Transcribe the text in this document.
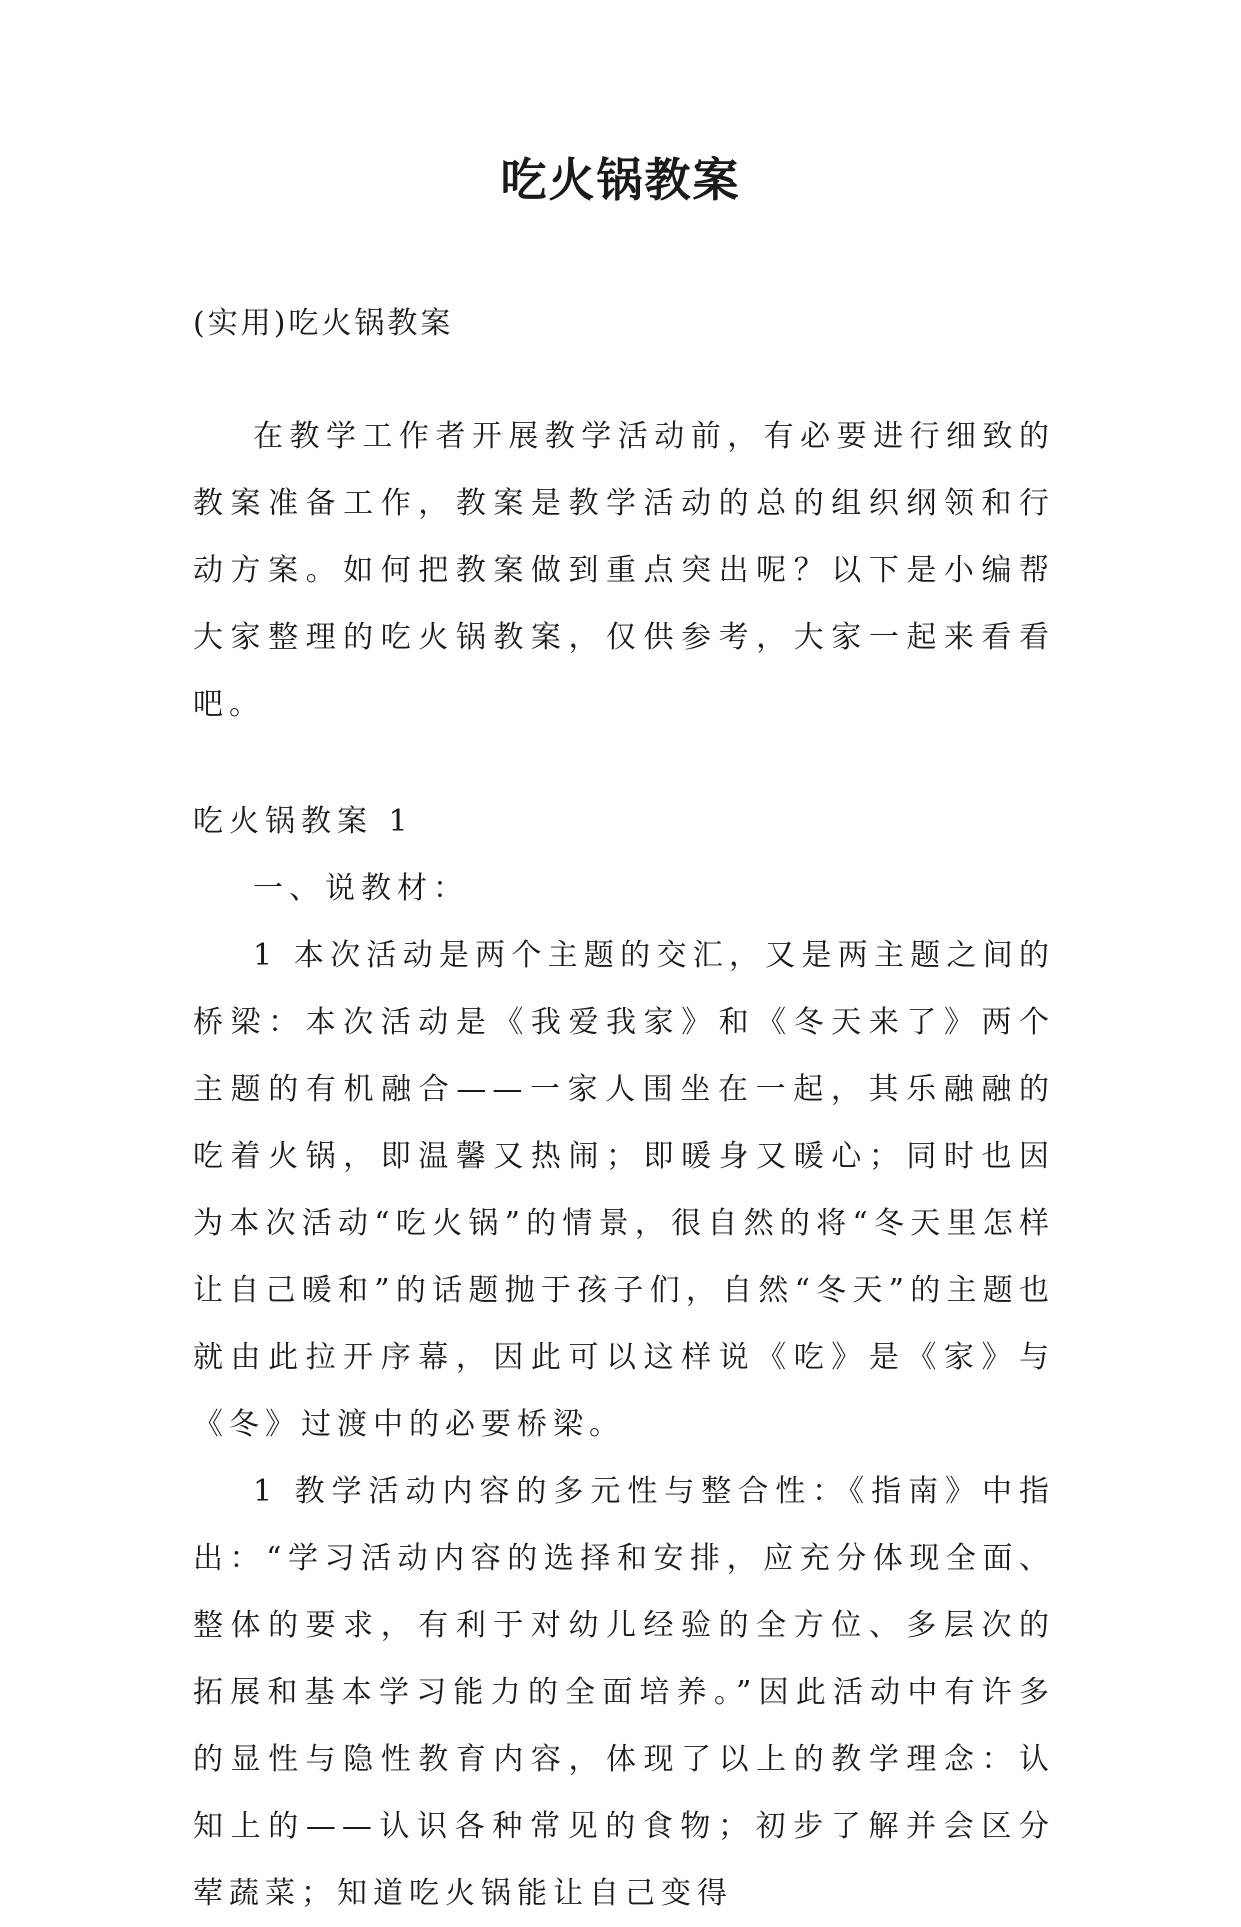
吃火锅教案

(实用)吃火锅教案

在教学工作者开展教学活动前，有必要进行细致的教案准备工作，教案是教学活动的总的组织纲领和行动方案。如何把教案做到重点突出呢？以下是小编帮大家整理的吃火锅教案，仅供参考，大家一起来看看吧。

吃火锅教案 1

一、说教材：

1 本次活动是两个主题的交汇，又是两主题之间的桥梁：本次活动是《我爱我家》和《冬天来了》两个主题的有机融合——一家人围坐在一起，其乐融融的吃着火锅，即温馨又热闹；即暖身又暖心；同时也因为本次活动“吃火锅”的情景，很自然的将“冬天里怎样让自己暖和”的话题抛于孩子们，自然“冬天”的主题也就由此拉开序幕，因此可以这样说《吃》是《家》与《冬》过渡中的必要桥梁。

1 教学活动内容的多元性与整合性：《指南》中指出：“学习活动内容的选择和安排，应充分体现全面、整体的要求，有利于对幼儿经验的全方位、多层次的拓展和基本学习能力的全面培养。”因此活动中有许多的显性与隐性教育内容，体现了以上的教学理念：认知上的——认识各种常见的食物；初步了解并会区分荤蔬菜；知道吃火锅能让自己变得
